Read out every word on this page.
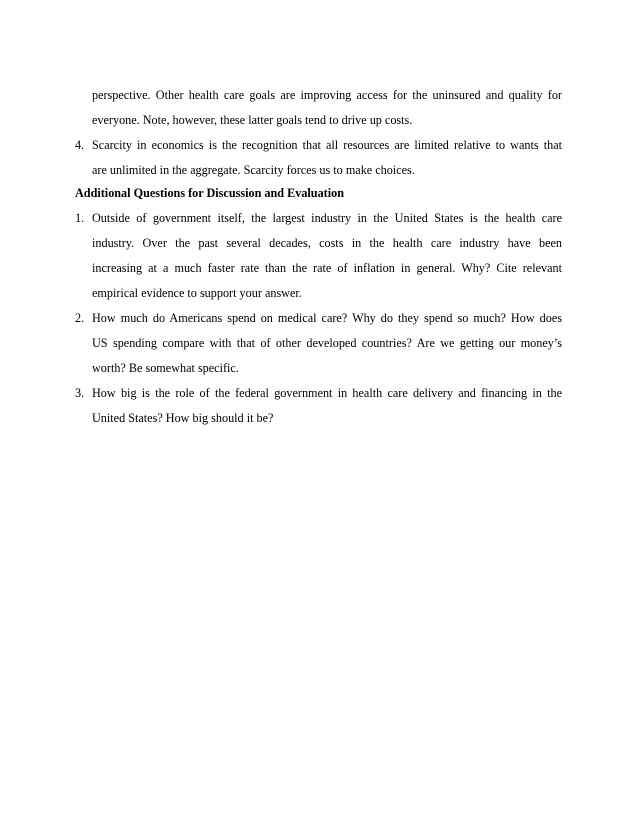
perspective. Other health care goals are improving access for the uninsured and quality for
everyone. Note, however, these latter goals tend to drive up costs.
4. Scarcity in economics is the recognition that all resources are limited relative to wants that
are unlimited in the aggregate. Scarcity forces us to make choices.
Additional Questions for Discussion and Evaluation
1. Outside of government itself, the largest industry in the United States is the health care
industry. Over the past several decades, costs in the health care industry have been
increasing at a much faster rate than the rate of inflation in general. Why? Cite relevant
empirical evidence to support your answer.
2. How much do Americans spend on medical care? Why do they spend so much? How does
US spending compare with that of other developed countries? Are we getting our money’s
worth? Be somewhat specific.
3. How big is the role of the federal government in health care delivery and financing in the
United States? How big should it be?
